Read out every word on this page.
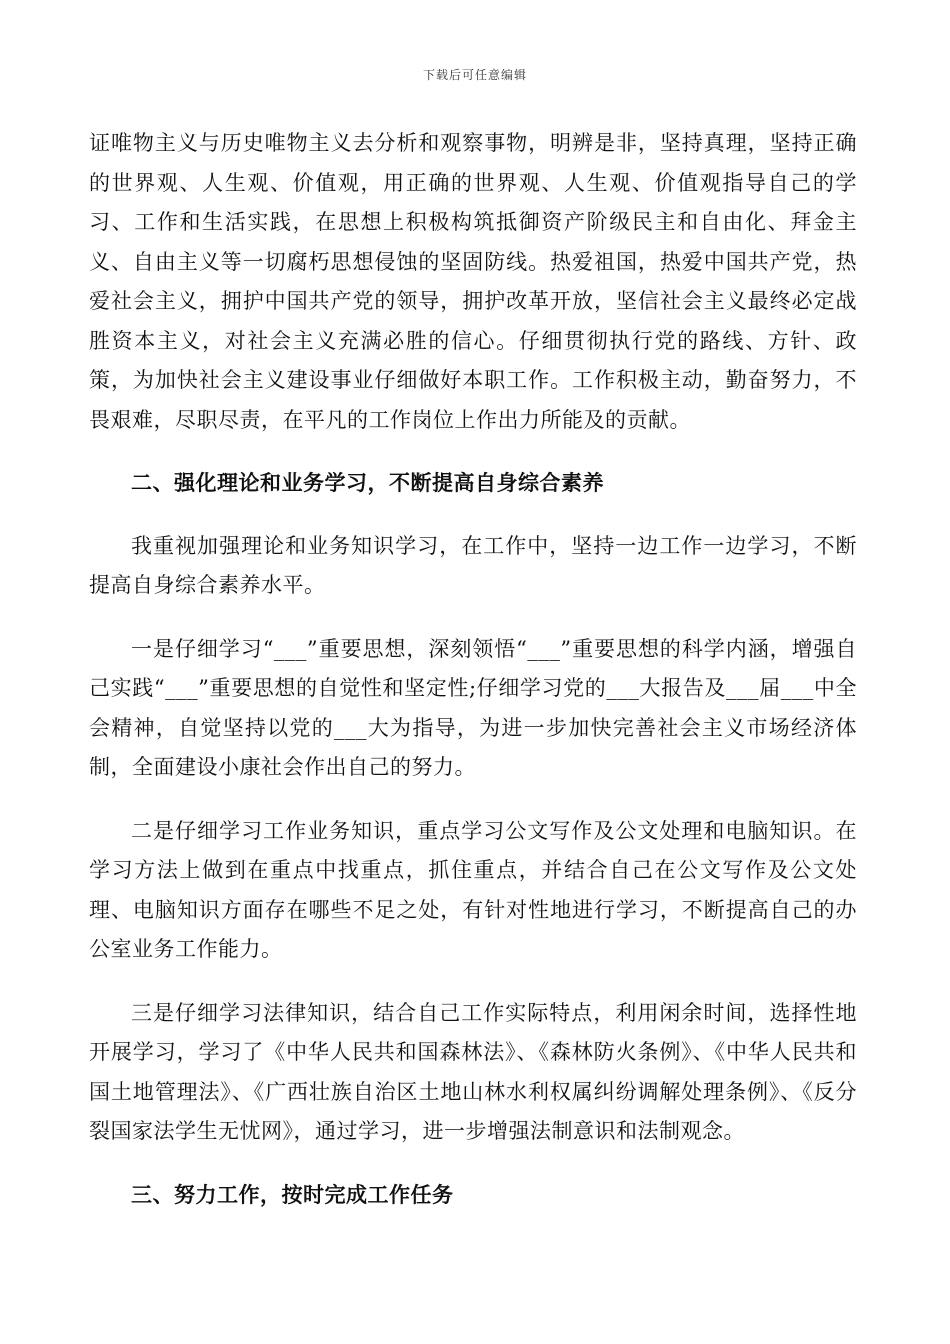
下载后可任意编辑

证唯物主义与历史唯物主义去分析和观察事物，明辨是非，坚持真理，坚持正确的世界观、人生观、价值观，用正确的世界观、人生观、价值观指导自己的学习、工作和生活实践，在思想上积极构筑抵御资产阶级民主和自由化、拜金主义、自由主义等一切腐朽思想侵蚀的坚固防线。热爱祖国，热爱中国共产党，热爱社会主义，拥护中国共产党的领导，拥护改革开放，坚信社会主义最终必定战胜资本主义，对社会主义充满必胜的信心。仔细贯彻执行党的路线、方针、政策，为加快社会主义建设事业仔细做好本职工作。工作积极主动，勤奋努力，不畏艰难，尽职尽责，在平凡的工作岗位上作出力所能及的贡献。

二、强化理论和业务学习，不断提高自身综合素养

我重视加强理论和业务知识学习，在工作中，坚持一边工作一边学习，不断提高自身综合素养水平。

一是仔细学习“___”重要思想，深刻领悟“___”重要思想的科学内涵，增强自己实践“___”重要思想的自觉性和坚定性;仔细学习党的___大报告及___届___中全会精神，自觉坚持以党的___大为指导，为进一步加快完善社会主义市场经济体制，全面建设小康社会作出自己的努力。

二是仔细学习工作业务知识，重点学习公文写作及公文处理和电脑知识。在学习方法上做到在重点中找重点，抓住重点，并结合自己在公文写作及公文处理、电脑知识方面存在哪些不足之处，有针对性地进行学习，不断提高自己的办公室业务工作能力。

三是仔细学习法律知识，结合自己工作实际特点，利用闲余时间，选择性地开展学习，学习了《中华人民共和国森林法》、《森林防火条例》、《中华人民共和国土地管理法》、《广西壮族自治区土地山林水利权属纠纷调解处理条例》、《反分裂国家法学生无忧网》，通过学习，进一步增强法制意识和法制观念。

三、努力工作，按时完成工作任务
